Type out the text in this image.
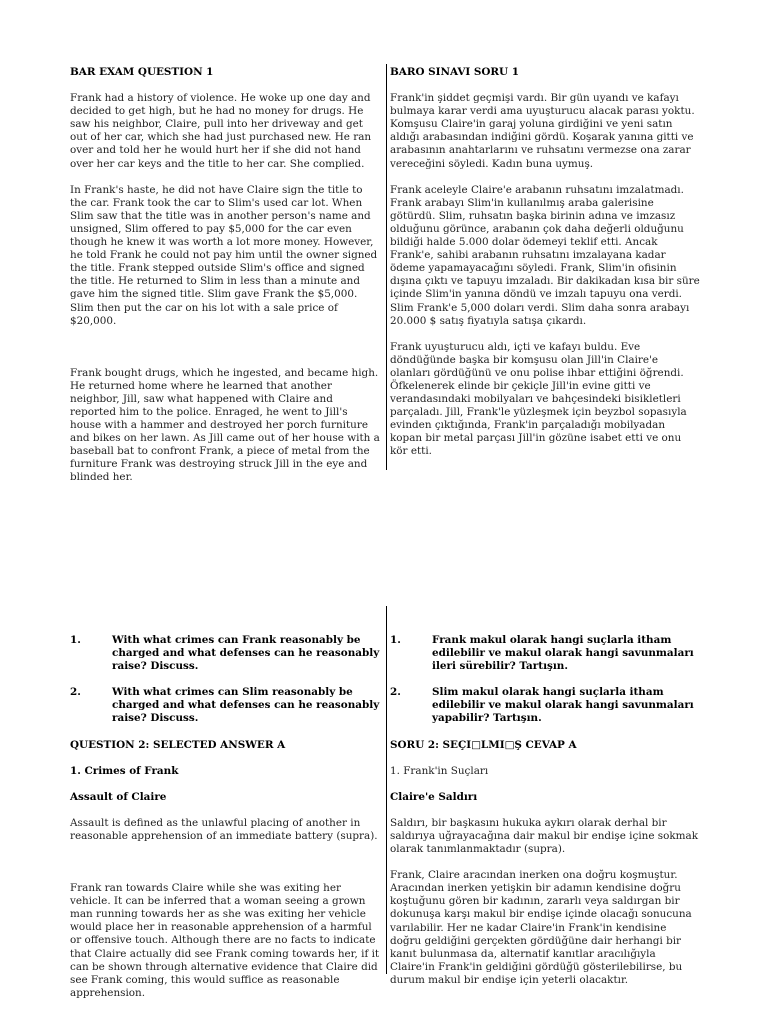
BAR EXAM QUESTION 1

Frank had a history of violence. He woke up one day and decided to get high, but he had no money for drugs. He saw his neighbor, Claire, pull into her driveway and get out of her car, which she had just purchased new. He ran over and told her he would hurt her if she did not hand over her car keys and the title to her car. She complied.

In Frank's haste, he did not have Claire sign the title to the car. Frank took the car to Slim's used car lot. When Slim saw that the title was in another person's name and unsigned, Slim offered to pay $5,000 for the car even though he knew it was worth a lot more money. However, he told Frank he could not pay him until the owner signed the title. Frank stepped outside Slim's office and signed the title. He returned to Slim in less than a minute and gave him the signed title. Slim gave Frank the $5,000. Slim then put the car on his lot with a sale price of $20,000.

Frank bought drugs, which he ingested, and became high. He returned home where he learned that another neighbor, Jill, saw what happened with Claire and reported him to the police. Enraged, he went to Jill's house with a hammer and destroyed her porch furniture and bikes on her lawn. As Jill came out of her house with a baseball bat to confront Frank, a piece of metal from the furniture Frank was destroying struck Jill in the eye and blinded her.

BARO SINAVI SORU 1

Frank'in şiddet geçmişi vardı. Bir gün uyandı ve kafayı bulmaya karar verdi ama uyuşturucu alacak parası yoktu. Komşusu Claire'in garaj yoluna girdiğini ve yeni satın aldığı arabasından indiğini gördü. Koşarak yanına gitti ve arabasının anahtarlarını ve ruhsatını vermezse ona zarar vereceğini söyledi. Kadın buna uymuş.

Frank aceleyle Claire'e arabanın ruhsatını imzalatmadı. Frank arabayı Slim'in kullanılmış araba galerisine götürdü. Slim, ruhsatın başka birinin adına ve imzasız olduğunu görünce, arabanın çok daha değerli olduğunu bildiği halde 5.000 dolar ödemeyi teklif etti. Ancak Frank'e, sahibi arabanın ruhsatını imzalayana kadar ödeme yapamayacağını söyledi. Frank, Slim'in ofisinin dışına çıktı ve tapuyu imzaladı. Bir dakikadan kısa bir süre içinde Slim'in yanına döndü ve imzalı tapuyu ona verdi. Slim Frank'e 5,000 doları verdi. Slim daha sonra arabayı 20.000 $ satış fiyatıyla satışa çıkardı.

Frank uyuşturucu aldı, içti ve kafayı buldu. Eve döndüğünde başka bir komşusu olan Jill'in Claire'e olanları gördüğünü ve onu polise ihbar ettiğini öğrendi. Öfkelenerek elinde bir çekiçle Jill'in evine gitti ve verandasındaki mobilyaları ve bahçesindeki bisikletleri parçaladı. Jill, Frank'le yüzleşmek için beyzbol sopasıyla evinden çıktığında, Frank'in parçaladığı mobilyadan kopan bir metal parçası Jill'in gözüne isabet etti ve onu kör etti.

1.	With what crimes can Frank reasonably be charged and what defenses can he reasonably raise? Discuss.
2.	With what crimes can Slim reasonably be charged and what defenses can he reasonably raise? Discuss.

QUESTION 2: SELECTED ANSWER A

1. Crimes of Frank

Assault of Claire

Assault is defined as the unlawful placing of another in reasonable apprehension of an immediate battery (supra).

Frank ran towards Claire while she was exiting her vehicle. It can be inferred that a woman seeing a grown man running towards her as she was exiting her vehicle would place her in reasonable apprehension of a harmful or offensive touch. Although there are no facts to indicate that Claire actually did see Frank coming towards her, if it can be shown through alternative evidence that Claire did see Frank coming, this would suffice as reasonable apprehension.

1.	Frank makul olarak hangi suçlarla itham edilebilir ve makul olarak hangi savunmaları ileri sürebilir? Tartışın.
2.	Slim makul olarak hangi suçlarla itham edilebilir ve makul olarak hangi savunmaları yapabilir? Tartışın.

SORU 2: SEÇI□LMI□Ş CEVAP A

1. Frank'in Suçları

Claire'e Saldırı

Saldırı, bir başkasını hukuka aykırı olarak derhal bir saldırıya uğrayacağına dair makul bir endişe içine sokmak olarak tanımlanmaktadır (supra).

Frank, Claire aracından inerken ona doğru koşmuştur. Aracından inerken yetişkin bir adamın kendisine doğru koştuğunu gören bir kadının, zararlı veya saldırgan bir dokunuşa karşı makul bir endişe içinde olacağı sonucuna varılabilir. Her ne kadar Claire'in Frank'in kendisine doğru geldiğini gerçekten gördüğüne dair herhangi bir kanıt bulunmasa da, alternatif kanıtlar aracılığıyla Claire'in Frank'in geldiğini gördüğü gösterilebilirse, bu durum makul bir endişe için yeterli olacaktır.
